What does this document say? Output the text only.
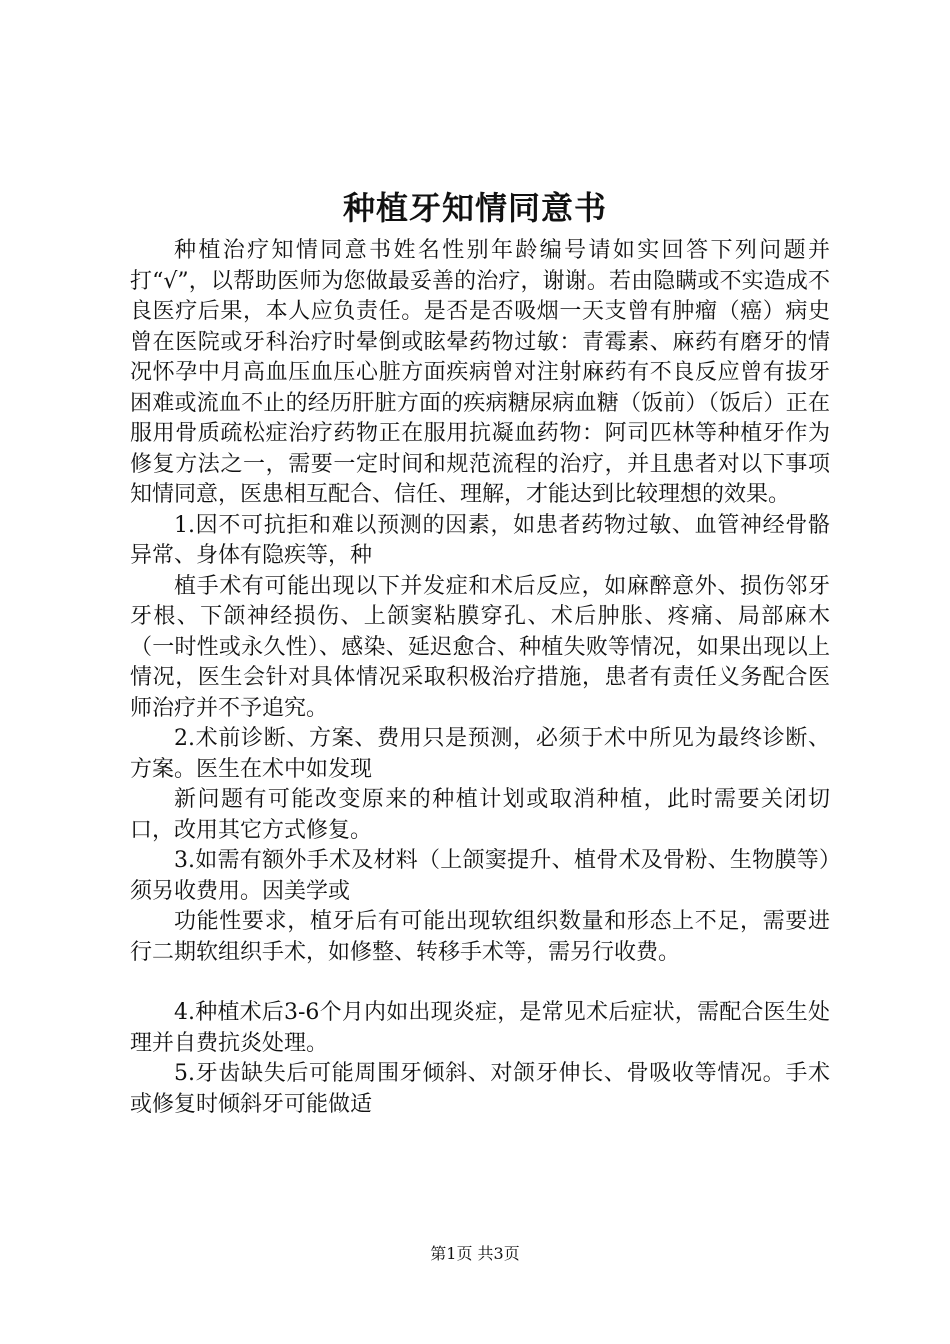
种植牙知情同意书

种植治疗知情同意书姓名性别年龄编号请如实回答下列问题并打“√”，以帮助医师为您做最妥善的治疗，谢谢。若由隐瞒或不实造成不良医疗后果，本人应负责任。是否是否吸烟一天支曾有肿瘤（癌）病史曾在医院或牙科治疗时晕倒或眩晕药物过敏：青霉素、麻药有磨牙的情况怀孕中月高血压血压心脏方面疾病曾对注射麻药有不良反应曾有拔牙困难或流血不止的经历肝脏方面的疾病糖尿病血糖（饭前）（饭后）正在服用骨质疏松症治疗药物正在服用抗凝血药物：阿司匹林等种植牙作为修复方法之一，需要一定时间和规范流程的治疗，并且患者对以下事项知情同意，医患相互配合、信任、理解，才能达到比较理想的效果。

1.因不可抗拒和难以预测的因素，如患者药物过敏、血管神经骨骼异常、身体有隐疾等，种

植手术有可能出现以下并发症和术后反应，如麻醉意外、损伤邻牙牙根、下颌神经损伤、上颌窦粘膜穿孔、术后肿胀、疼痛、局部麻木（一时性或永久性）、感染、延迟愈合、种植失败等情况，如果出现以上情况，医生会针对具体情况采取积极治疗措施，患者有责任义务配合医师治疗并不予追究。

2.术前诊断、方案、费用只是预测，必须于术中所见为最终诊断、方案。医生在术中如发现

新问题有可能改变原来的种植计划或取消种植，此时需要关闭切口，改用其它方式修复。

3.如需有额外手术及材料（上颌窦提升、植骨术及骨粉、生物膜等）须另收费用。因美学或

功能性要求，植牙后有可能出现软组织数量和形态上不足，需要进行二期软组织手术，如修整、转移手术等，需另行收费。

4.种植术后3-6个月内如出现炎症，是常见术后症状，需配合医生处理并自费抗炎处理。

5.牙齿缺失后可能周围牙倾斜、对颌牙伸长、骨吸收等情况。手术或修复时倾斜牙可能做适

第1页 共3页
